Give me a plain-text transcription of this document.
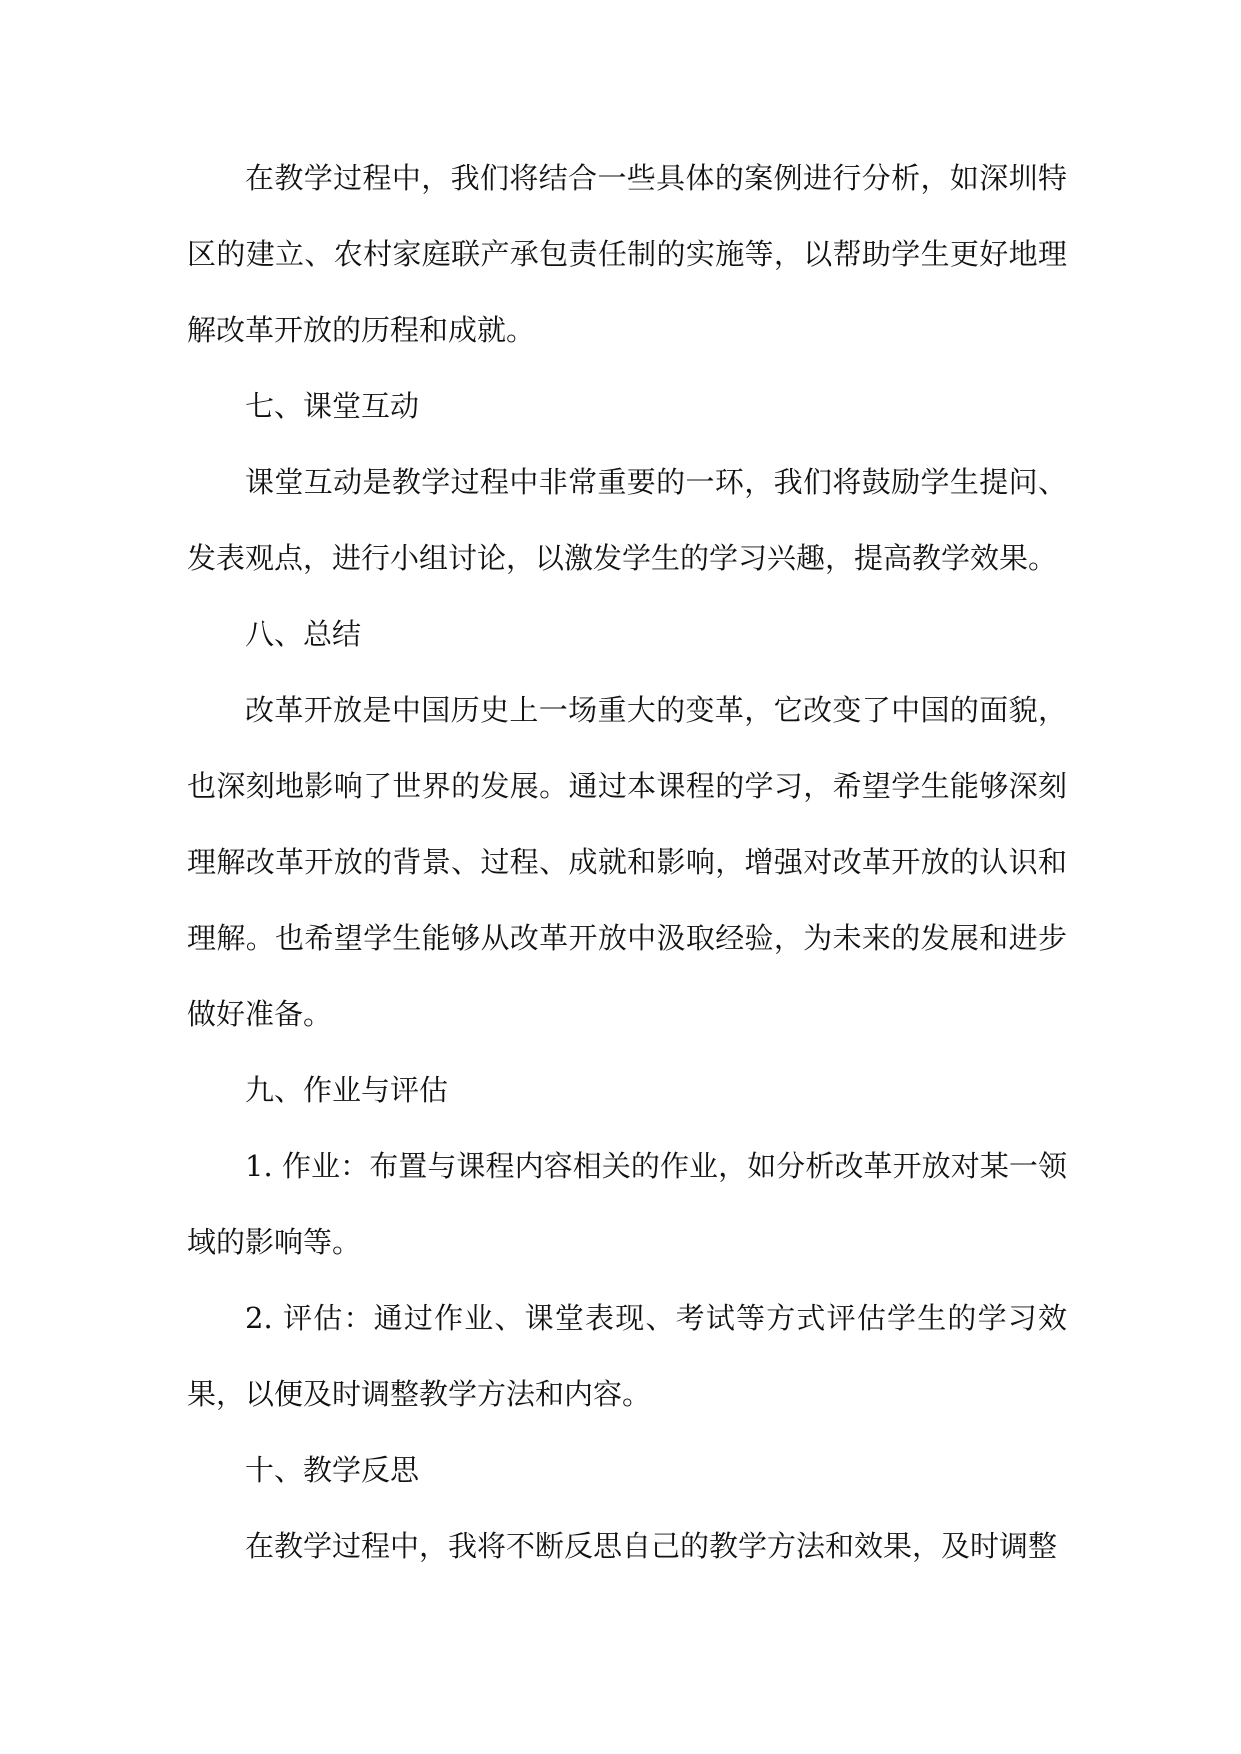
在教学过程中，我们将结合一些具体的案例进行分析，如深圳特区的建立、农村家庭联产承包责任制的实施等，以帮助学生更好地理解改革开放的历程和成就。

七、课堂互动

课堂互动是教学过程中非常重要的一环，我们将鼓励学生提问、发表观点，进行小组讨论，以激发学生的学习兴趣，提高教学效果。

八、总结

改革开放是中国历史上一场重大的变革，它改变了中国的面貌，也深刻地影响了世界的发展。通过本课程的学习，希望学生能够深刻理解改革开放的背景、过程、成就和影响，增强对改革开放的认识和理解。也希望学生能够从改革开放中汲取经验，为未来的发展和进步做好准备。

九、作业与评估

1. 作业：布置与课程内容相关的作业，如分析改革开放对某一领域的影响等。

2. 评估：通过作业、课堂表现、考试等方式评估学生的学习效果，以便及时调整教学方法和内容。

十、教学反思

在教学过程中，我将不断反思自己的教学方法和效果，及时调整
